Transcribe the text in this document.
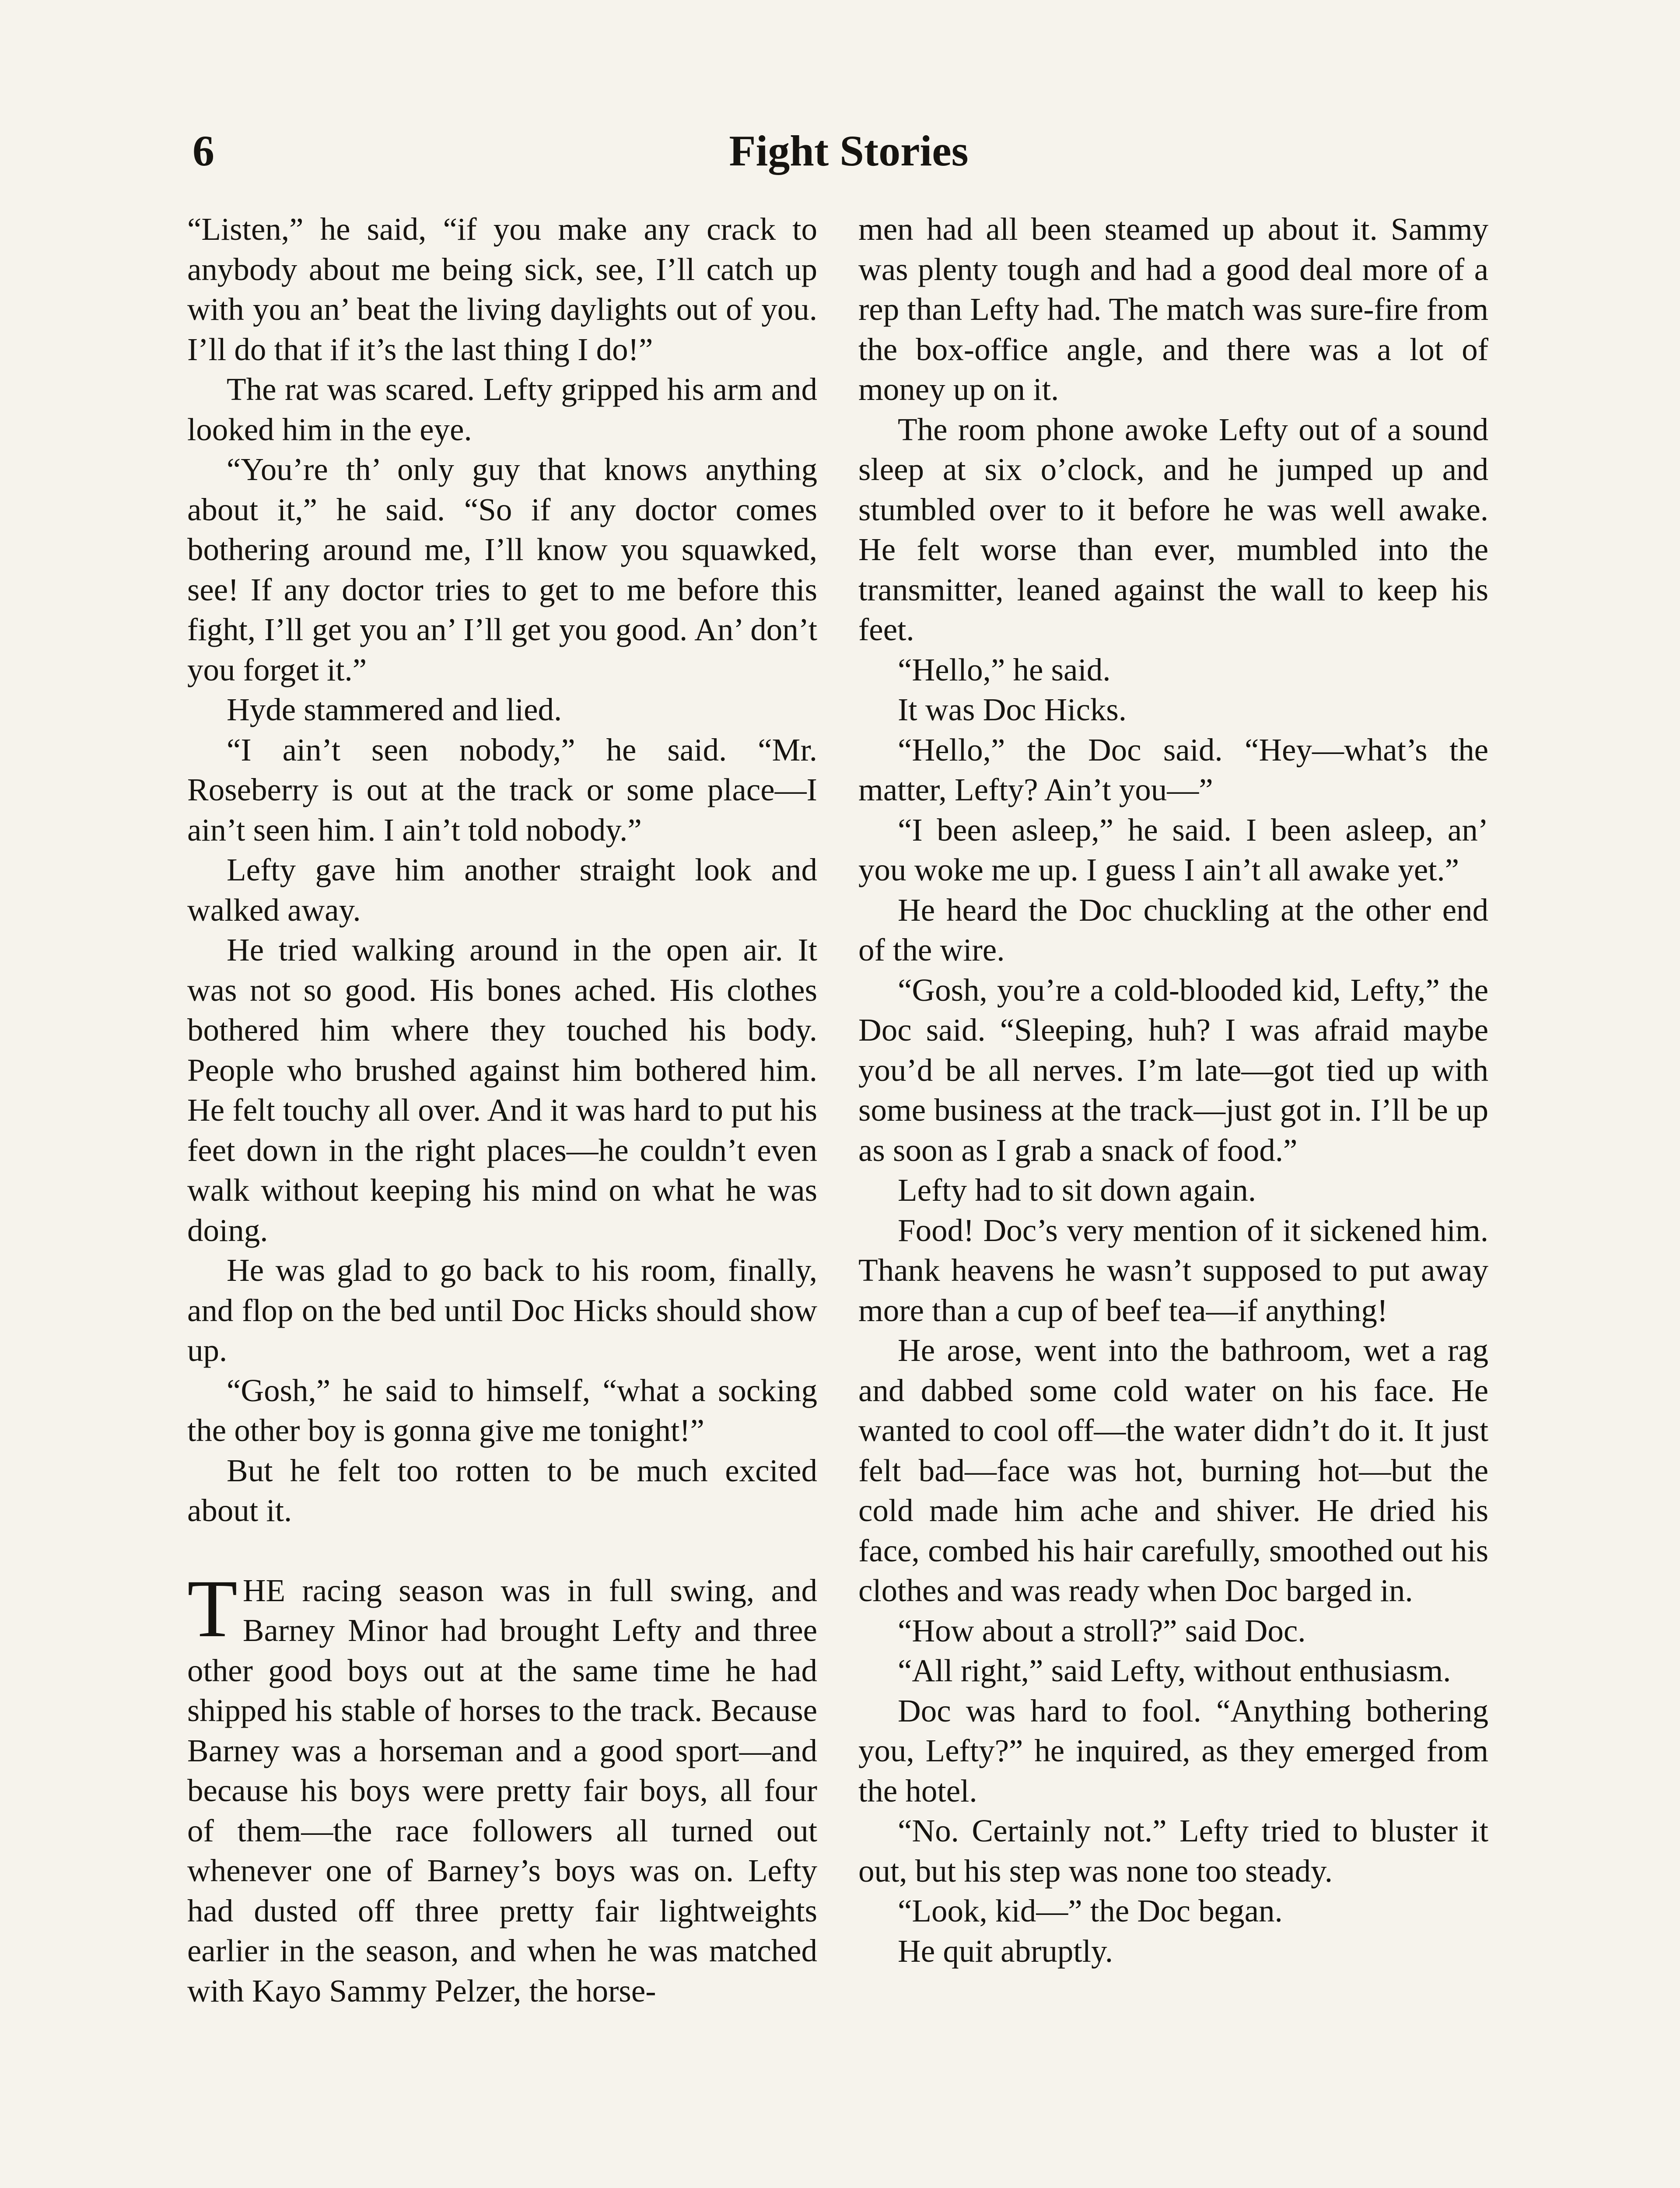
6	Fight Stories

“Listen,” he said, “if you make any crack to anybody about me being sick, see, I’ll catch up with you an’ beat the living daylights out of you. I’ll do that if it’s the last thing I do!”

The rat was scared. Lefty gripped his arm and looked him in the eye.

“You’re th’ only guy that knows anything about it,” he said. “So if any doctor comes bothering around me, I’ll know you squawked, see! If any doctor tries to get to me before this fight, I’ll get you an’ I’ll get you good. An’ don’t you forget it.”

Hyde stammered and lied.

“I ain’t seen nobody,” he said. “Mr. Roseberry is out at the track or some place—I ain’t seen him. I ain’t told nobody.”

Lefty gave him another straight look and walked away.

He tried walking around in the open air. It was not so good. His bones ached. His clothes bothered him where they touched his body. People who brushed against him bothered him. He felt touchy all over. And it was hard to put his feet down in the right places—he couldn’t even walk without keeping his mind on what he was doing.

He was glad to go back to his room, finally, and flop on the bed until Doc Hicks should show up.

“Gosh,” he said to himself, “what a socking the other boy is gonna give me tonight!”

But he felt too rotten to be much excited about it.

THE racing season was in full swing, and Barney Minor had brought Lefty and three other good boys out at the same time he had shipped his stable of horses to the track. Because Barney was a horseman and a good sport—and because his boys were pretty fair boys, all four of them—the race followers all turned out whenever one of Barney’s boys was on. Lefty had dusted off three pretty fair lightweights earlier in the season, and when he was matched with Kayo Sammy Pelzer, the horse-

men had all been steamed up about it. Sammy was plenty tough and had a good deal more of a rep than Lefty had. The match was sure-fire from the box-office angle, and there was a lot of money up on it.

The room phone awoke Lefty out of a sound sleep at six o’clock, and he jumped up and stumbled over to it before he was well awake. He felt worse than ever, mumbled into the transmitter, leaned against the wall to keep his feet.

“Hello,” he said.

It was Doc Hicks.

“Hello,” the Doc said. “Hey—what’s the matter, Lefty? Ain’t you—”

“I been asleep,” he said. I been asleep, an’ you woke me up. I guess I ain’t all awake yet.”

He heard the Doc chuckling at the other end of the wire.

“Gosh, you’re a cold-blooded kid, Lefty,” the Doc said. “Sleeping, huh? I was afraid maybe you’d be all nerves. I’m late—got tied up with some business at the track—just got in. I’ll be up as soon as I grab a snack of food.”

Lefty had to sit down again.

Food! Doc’s very mention of it sickened him. Thank heavens he wasn’t supposed to put away more than a cup of beef tea—if anything!

He arose, went into the bathroom, wet a rag and dabbed some cold water on his face. He wanted to cool off—the water didn’t do it. It just felt bad—face was hot, burning hot—but the cold made him ache and shiver. He dried his face, combed his hair carefully, smoothed out his clothes and was ready when Doc barged in.

“How about a stroll?” said Doc.

“All right,” said Lefty, without enthusiasm.

Doc was hard to fool. “Anything bothering you, Lefty?” he inquired, as they emerged from the hotel.

“No. Certainly not.” Lefty tried to bluster it out, but his step was none too steady.

“Look, kid—” the Doc began.

He quit abruptly.
